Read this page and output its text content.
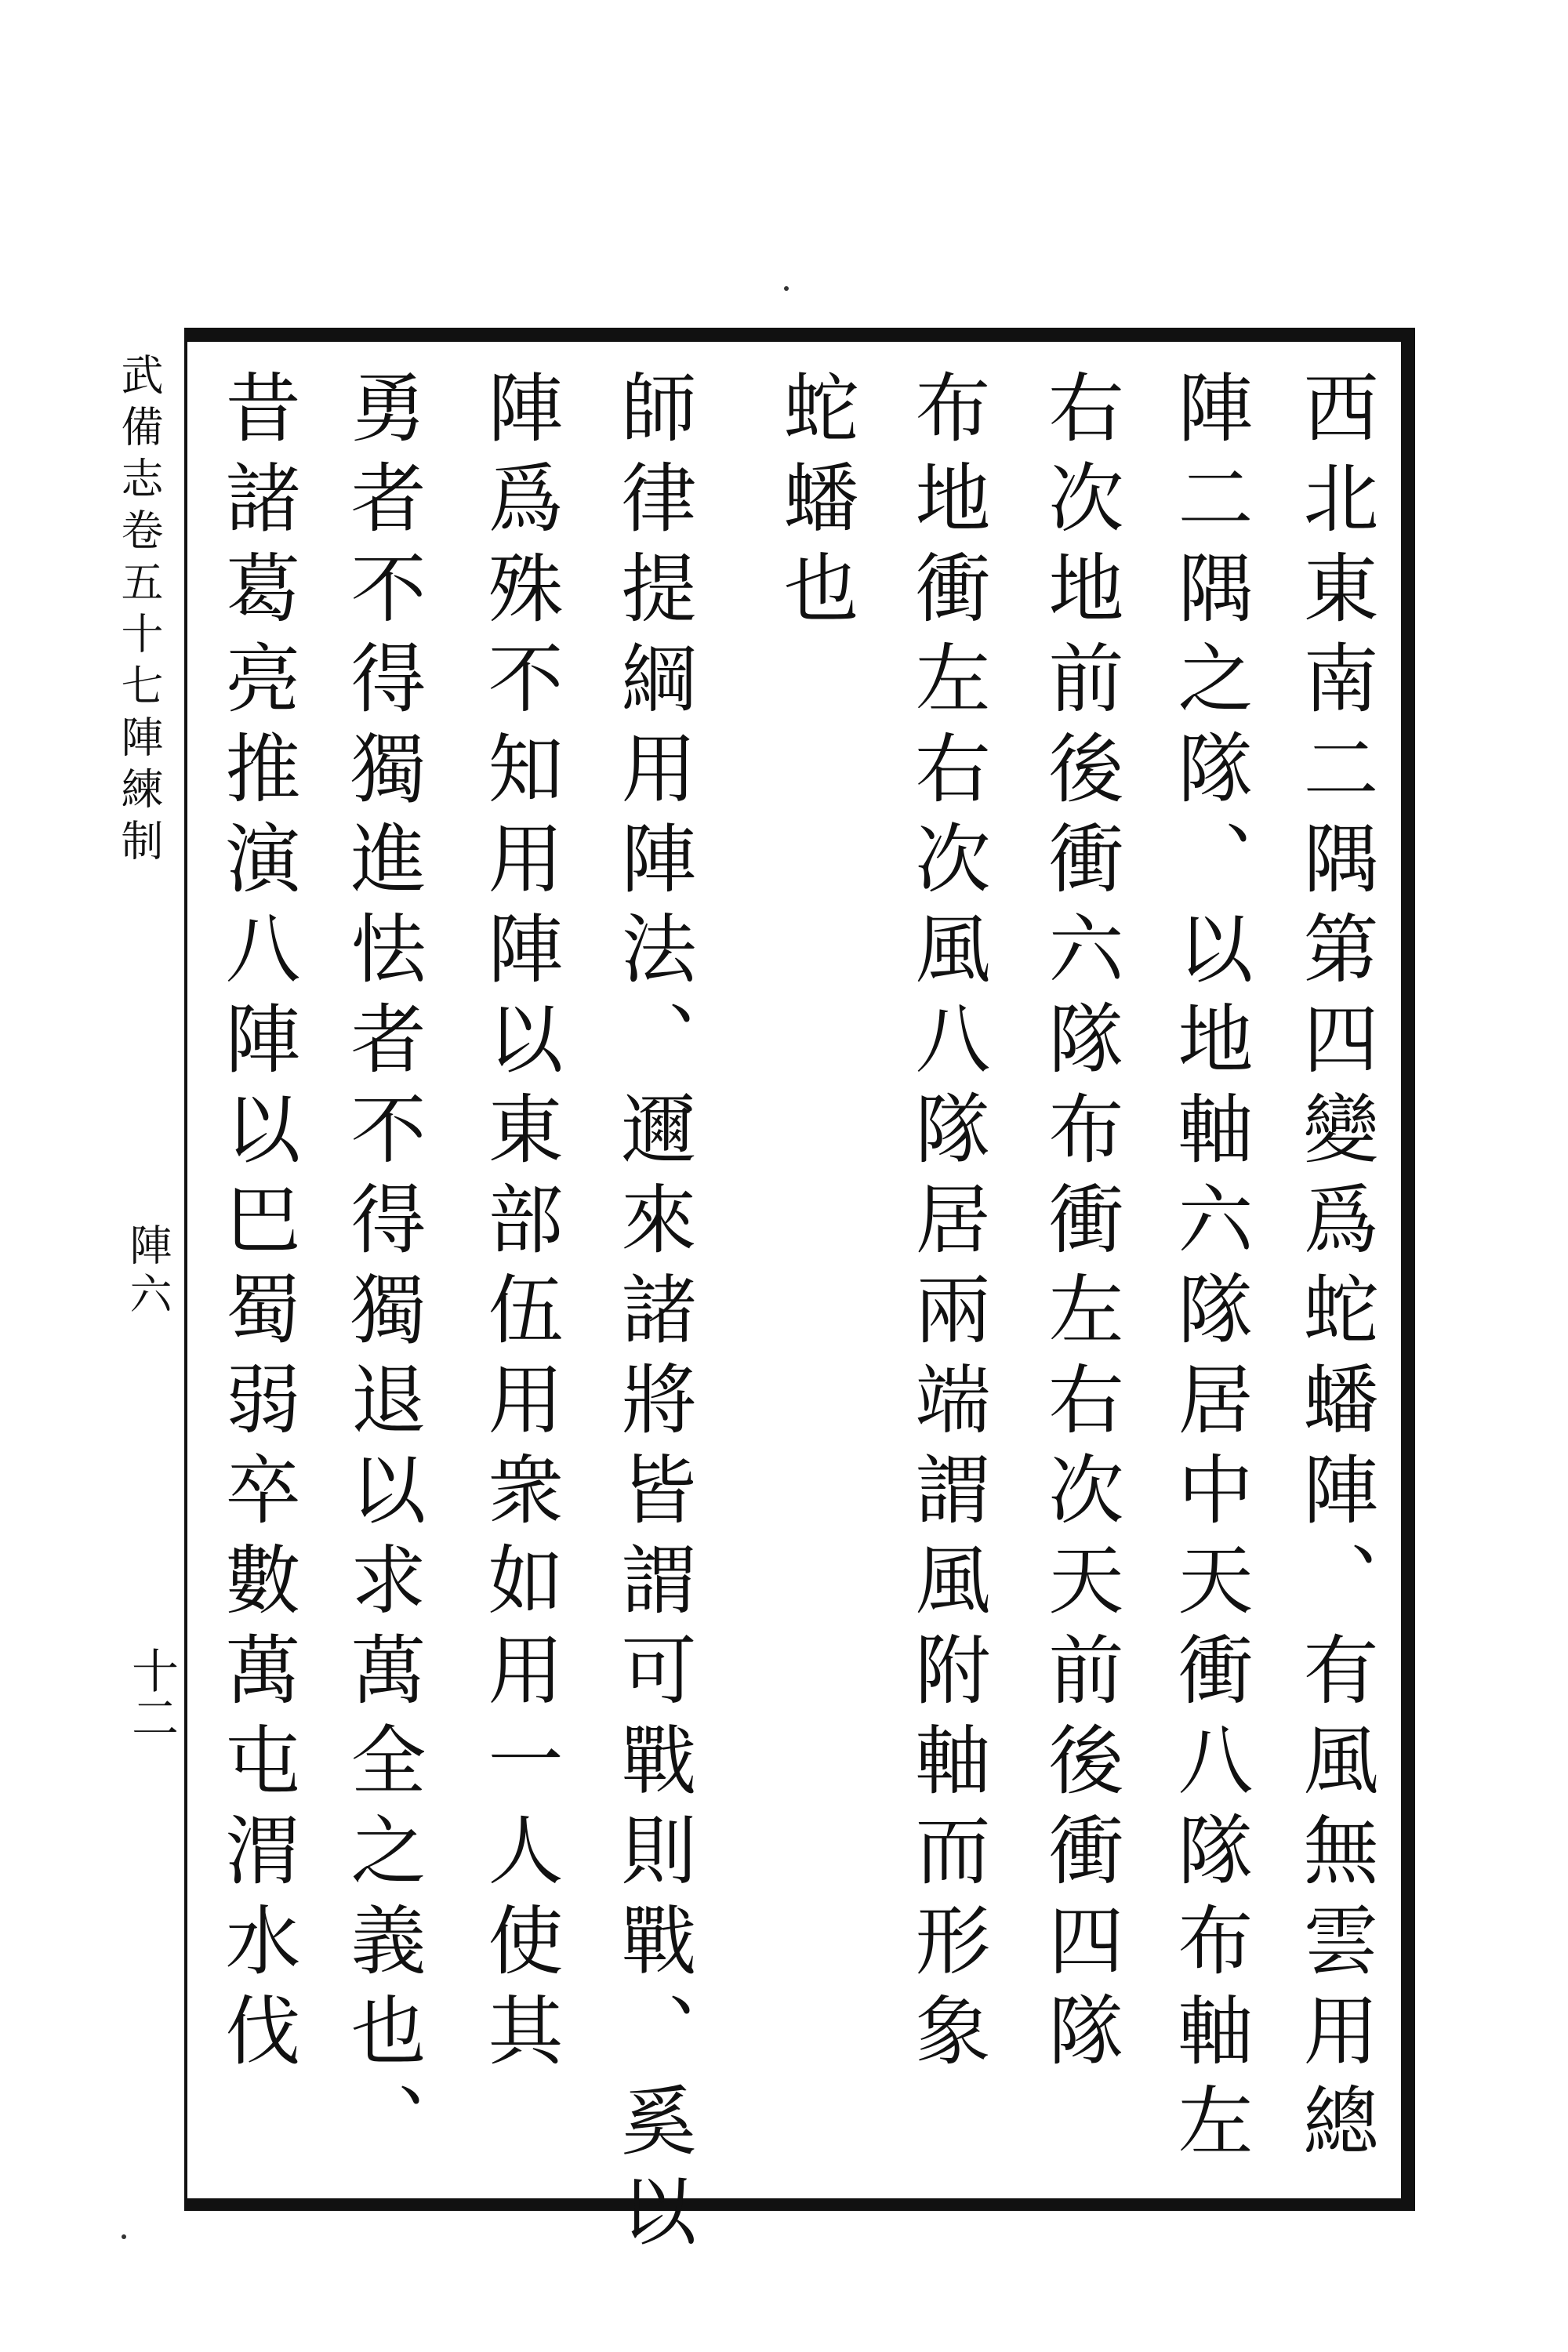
西北東南二隅第四變爲蛇蟠陣、有風無雲用總
陣二隅之隊、以地軸六隊居中天衝八隊布軸左
右次地前後衝六隊布衝左右次天前後衝四隊
布地衝左右次風八隊居兩端謂風附軸而形象
蛇蟠也
師律提綱用陣法、邇來諸將皆謂可戰則戰、奚以
陣爲殊不知用陣以東部伍用衆如用一人使其
勇者不得獨進怯者不得獨退以求萬全之義也、
昔諸葛亮推演八陣以巴蜀弱卒數萬屯渭水伐
武備志卷五十七陣練制
陣六
十二
